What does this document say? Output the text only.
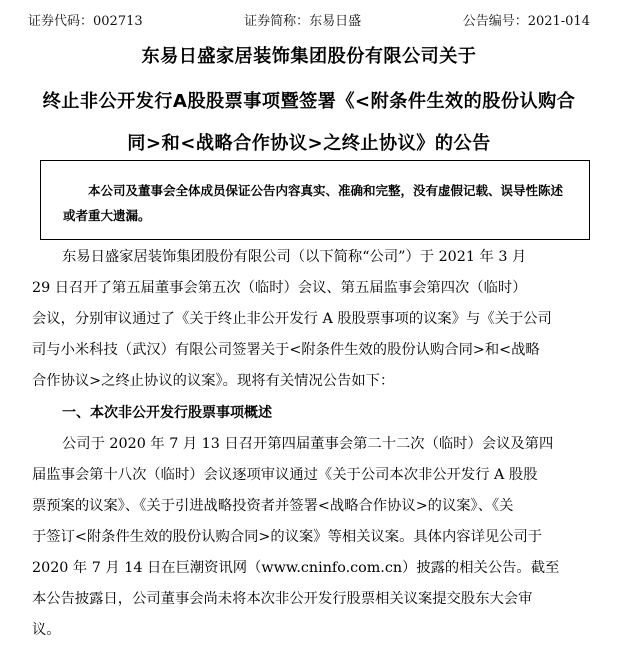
证券代码：002713	证券简称：东易日盛	公告编号：2021-014
东易日盛家居装饰集团股份有限公司关于
终止非公开发行A股股票事项暨签署《<附条件生效的股份认购合
同>和<战略合作协议>之终止协议》的公告

本公司及董事会全体成员保证公告内容真实、准确和完整，没有虚假记载、误导性陈述或者重大遗漏。

东易日盛家居装饰集团股份有限公司（以下简称“公司”）于 2021 年 3 月
29 日召开了第五届董事会第五次（临时）会议、第五届监事会第四次（临时）
会议，分别审议通过了《关于终止非公开发行 A 股股票事项的议案》与《关于公司
司与小米科技（武汉）有限公司签署关于<附条件生效的股份认购合同>和<战略
合作协议>之终止协议的议案》。现将有关情况公告如下：
一、本次非公开发行股票事项概述
公司于 2020 年 7 月 13 日召开第四届董事会第二十二次（临时）会议及第四
届监事会第十八次（临时）会议逐项审议通过《关于公司本次非公开发行 A 股股
票预案的议案》、《关于引进战略投资者并签署<战略合作协议>的议案》、《关
于签订<附条件生效的股份认购合同>的议案》等相关议案。具体内容详见公司于
2020 年 7 月 14 日在巨潮资讯网（www.cninfo.com.cn）披露的相关公告。截至
本公告披露日，公司董事会尚未将本次非公开发行股票相关议案提交股东大会审
议。
